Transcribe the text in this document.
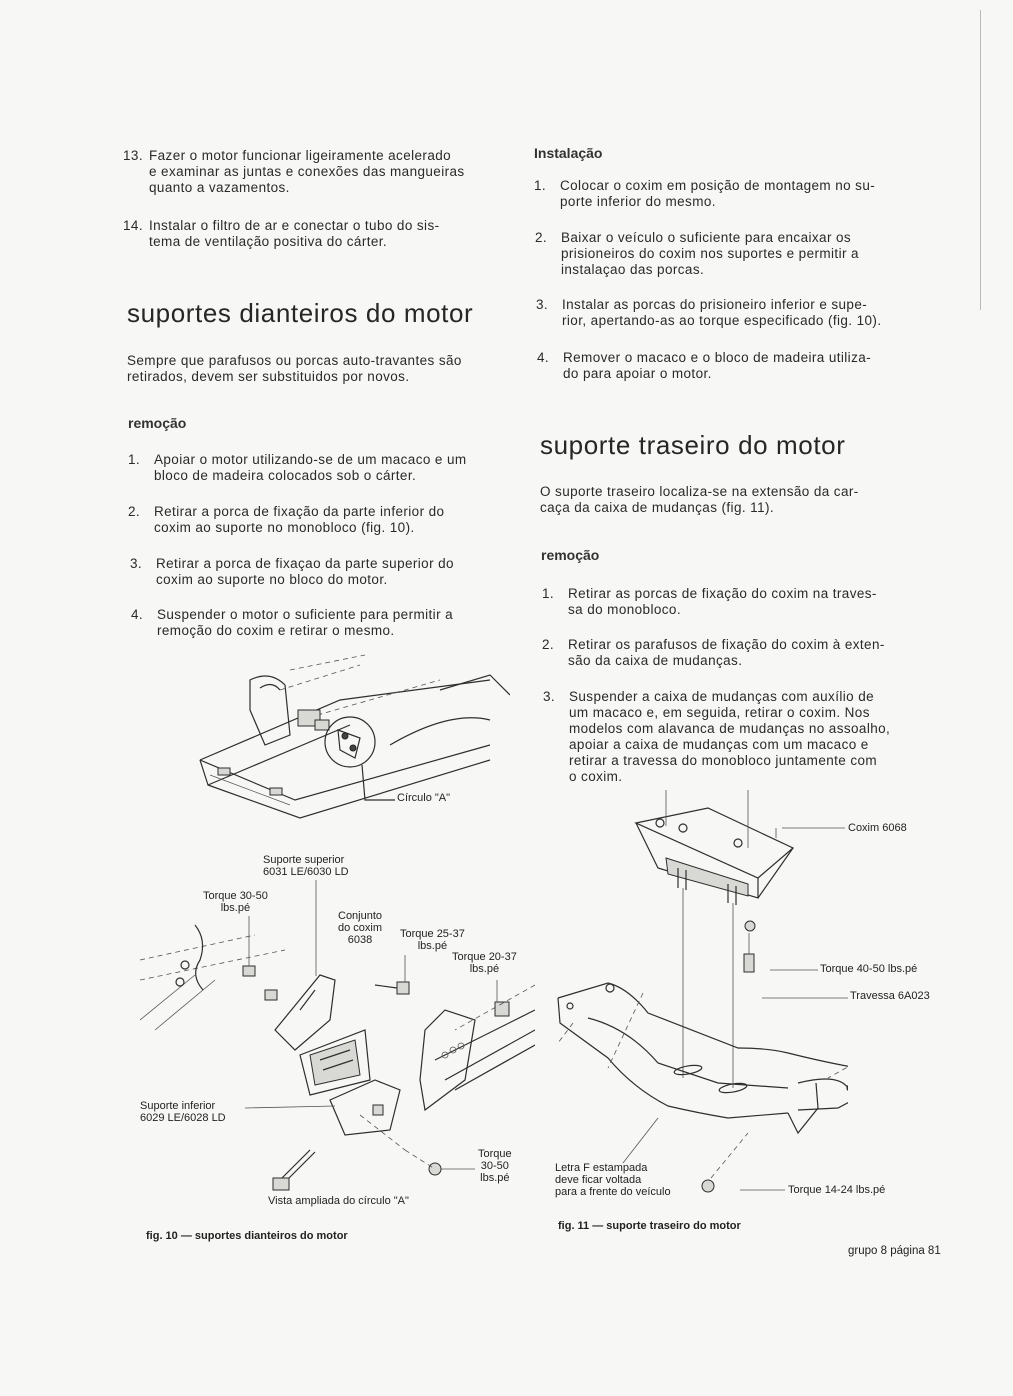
13. Fazer o motor funcionar ligeiramente acelerado
e examinar as juntas e conexões das mangueiras
quanto a vazamentos.
14. Instalar o filtro de ar e conectar o tubo do sis-
tema de ventilação positiva do cárter.
suportes dianteiros do motor
Sempre que parafusos ou porcas auto-travantes são
retirados, devem ser substituidos por novos.
remoção
1. Apoiar o motor utilizando-se de um macaco e um
bloco de madeira colocados sob o cárter.
2. Retirar a porca de fixação da parte inferior do
coxim ao suporte no monobloco (fig. 10).
3. Retirar a porca de fixaçao da parte superior do
coxim ao suporte no bloco do motor.
4. Suspender o motor o suficiente para permitir a
remoção do coxim e retirar o mesmo.
Círculo "A"
Suporte superior
6031 LE/6030 LD
Torque 30-50
lbs.pé
Conjunto
do coxim
6038	Torque 25-37
lbs.pé
Torque 20-37
lbs.pé
Suporte inferior
6029 LE/6028 LD
Torque
30-50
lbs.pé
Vista ampliada do círculo "A"
fig. 10 — suportes dianteiros do motor
Instalação
1. Colocar o coxim em posição de montagem no su-
porte inferior do mesmo.
2. Baixar o veículo o suficiente para encaixar os
prisioneiros do coxim nos suportes e permitir a
instalaçao das porcas.
3. Instalar as porcas do prisioneiro inferior e supe-
rior, apertando-as ao torque especificado (fig. 10).
4. Remover o macaco e o bloco de madeira utiliza-
do para apoiar o motor.
suporte traseiro do motor
O suporte traseiro localiza-se na extensão da car-
caça da caixa de mudanças (fig. 11).
remoção
1. Retirar as porcas de fixação do coxim na traves-
sa do monobloco.
2. Retirar os parafusos de fixação do coxim à exten-
são da caixa de mudanças.
3. Suspender a caixa de mudanças com auxílio de
um macaco e, em seguida, retirar o coxim. Nos
modelos com alavanca de mudanças no assoalho,
apoiar a caixa de mudanças com um macaco e
retirar a travessa do monobloco juntamente com
o coxim.
Coxim 6068
Torque 40-50 lbs.pé
Travessa 6A023
Letra F estampada
deve ficar voltada
para a frente do veículo	Torque 14-24 lbs.pé
fig. 11 — suporte traseiro do motor
grupo 8 página 81
